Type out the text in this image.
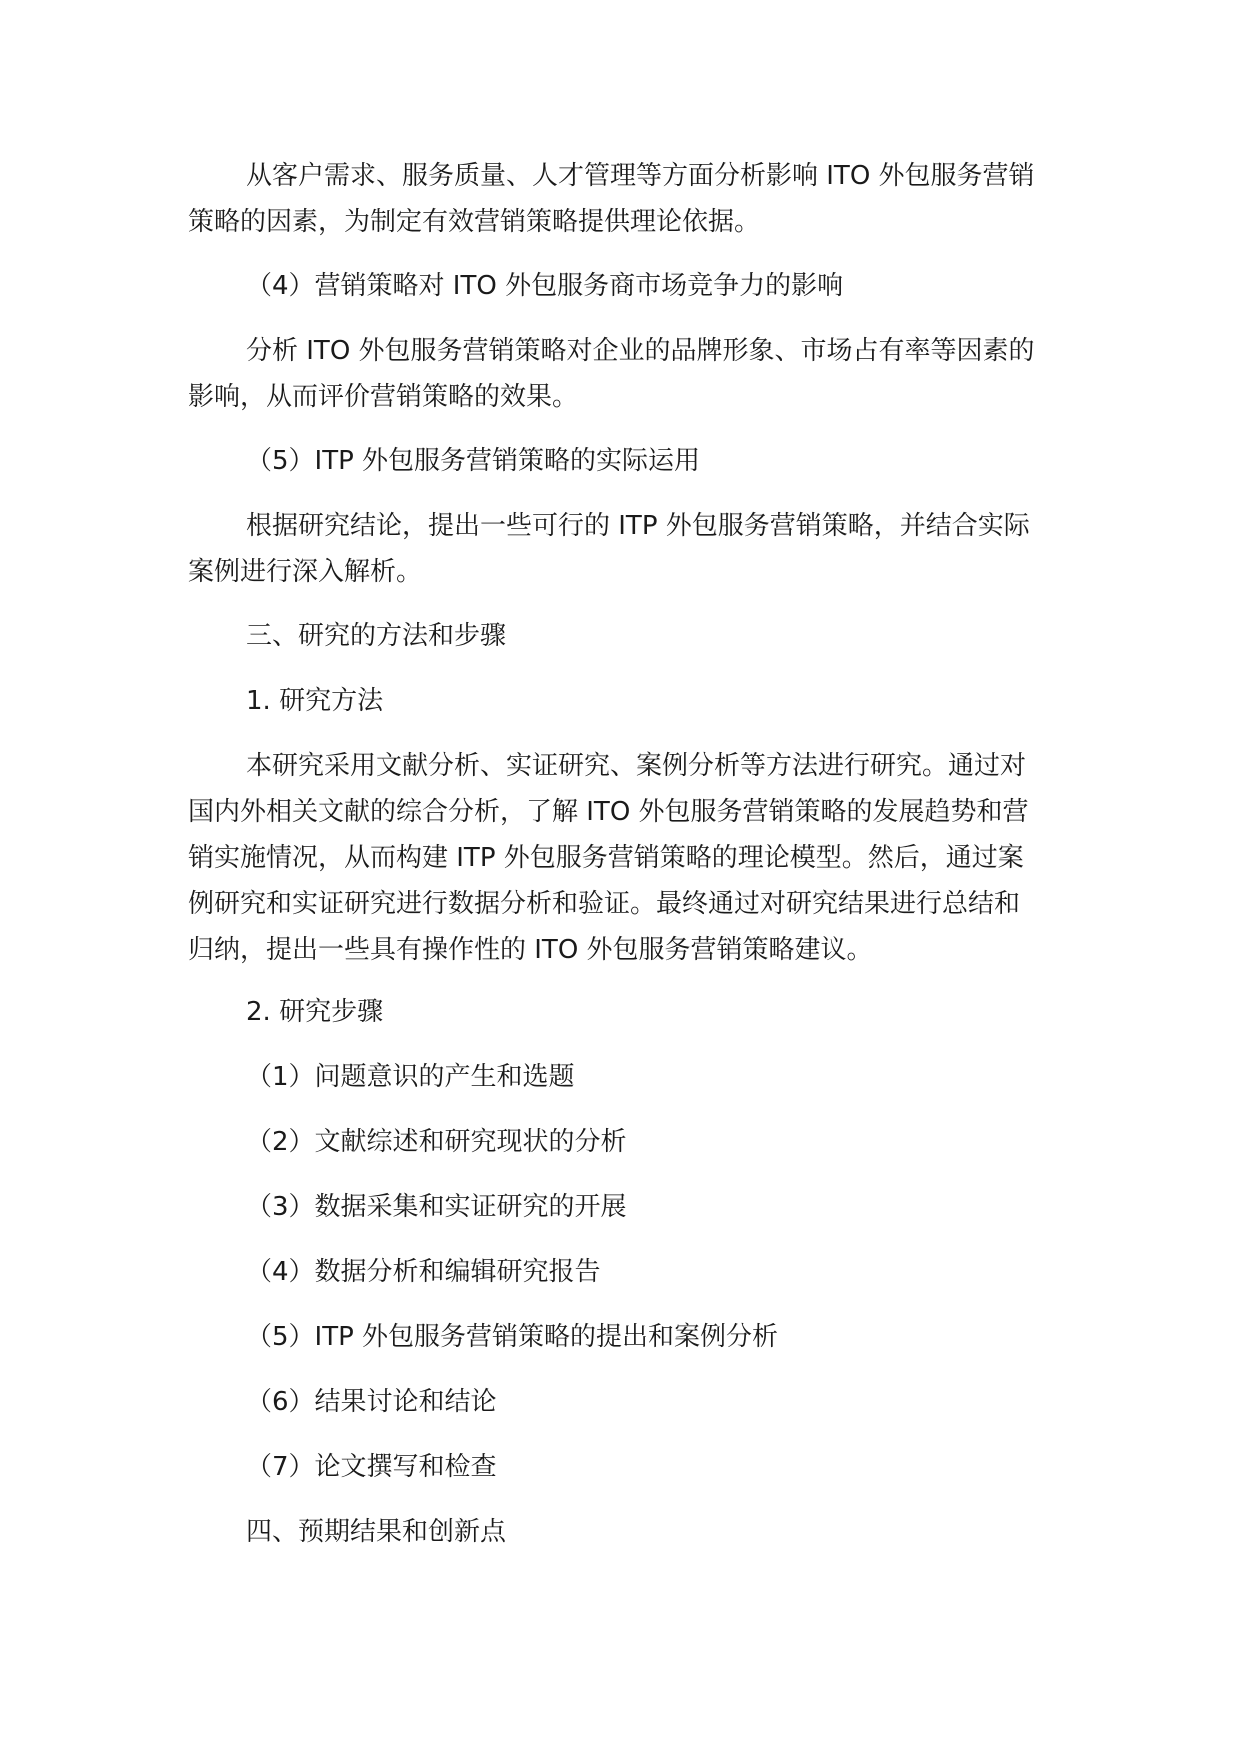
从客户需求、服务质量、人才管理等方面分析影响 ITO 外包服务营销策略的因素，为制定有效营销策略提供理论依据。

（4）营销策略对 ITO 外包服务商市场竞争力的影响

分析 ITO 外包服务营销策略对企业的品牌形象、市场占有率等因素的影响，从而评价营销策略的效果。

（5）ITP 外包服务营销策略的实际运用

根据研究结论，提出一些可行的 ITP 外包服务营销策略，并结合实际案例进行深入解析。

三、研究的方法和步骤

1. 研究方法

本研究采用文献分析、实证研究、案例分析等方法进行研究。通过对国内外相关文献的综合分析，了解 ITO 外包服务营销策略的发展趋势和营销实施情况，从而构建 ITP 外包服务营销策略的理论模型。然后，通过案例研究和实证研究进行数据分析和验证。最终通过对研究结果进行总结和归纳，提出一些具有操作性的 ITO 外包服务营销策略建议。

2. 研究步骤

（1）问题意识的产生和选题

（2）文献综述和研究现状的分析

（3）数据采集和实证研究的开展

（4）数据分析和编辑研究报告

（5）ITP 外包服务营销策略的提出和案例分析

（6）结果讨论和结论

（7）论文撰写和检查

四、预期结果和创新点
